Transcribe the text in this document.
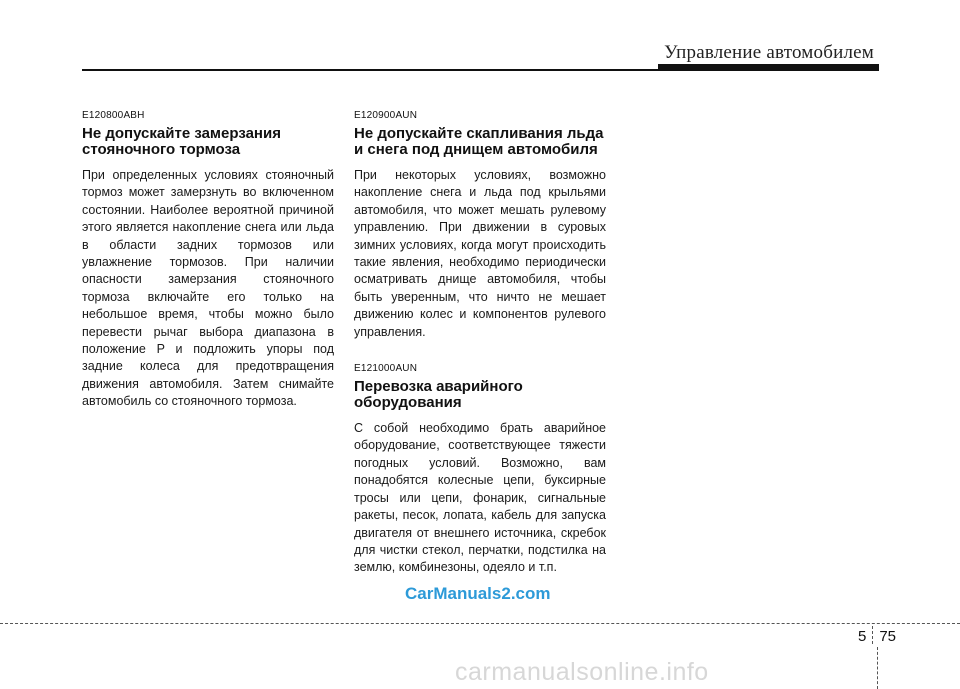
Управление автомобилем
E120800ABH
Не допускайте замерзания стояночного тормоза

При определенных условиях стояночный тормоз может замерзнуть во включенном состоянии. Наиболее вероятной причиной этого является накопление снега или льда в области задних тормозов или увлажнение тормозов. При наличии опасности замерзания стояночного тормоза включайте его только на небольшое время, чтобы можно было перевести рычаг выбора диапазона в положение P и подложить упоры под задние колеса для предотвращения движения автомобиля. Затем снимайте автомобиль со стояночного тормоза.

E120900AUN
Не допускайте скапливания льда и снега под днищем автомобиля

При некоторых условиях, возможно накопление снега и льда под крыльями автомобиля, что может мешать рулевому управлению. При движении в суровых зимних условиях, когда могут происходить такие явления, необходимо периодически осматривать днище автомобиля, чтобы быть уверенным, что ничто не мешает движению колес и компонентов рулевого управления.

E121000AUN
Перевозка аварийного оборудования

С собой необходимо брать аварийное оборудование, соответствующее тяжести погодных условий. Возможно, вам понадобятся колесные цепи, буксирные тросы или цепи, фонарик, сигнальные ракеты, песок, лопата, кабель для запуска двигателя от внешнего источника, скребок для чистки стекол, перчатки, подстилка на землю, комбинезоны, одеяло и т.п.

CarManuals2.com
5 75
carmanualsonline.info
